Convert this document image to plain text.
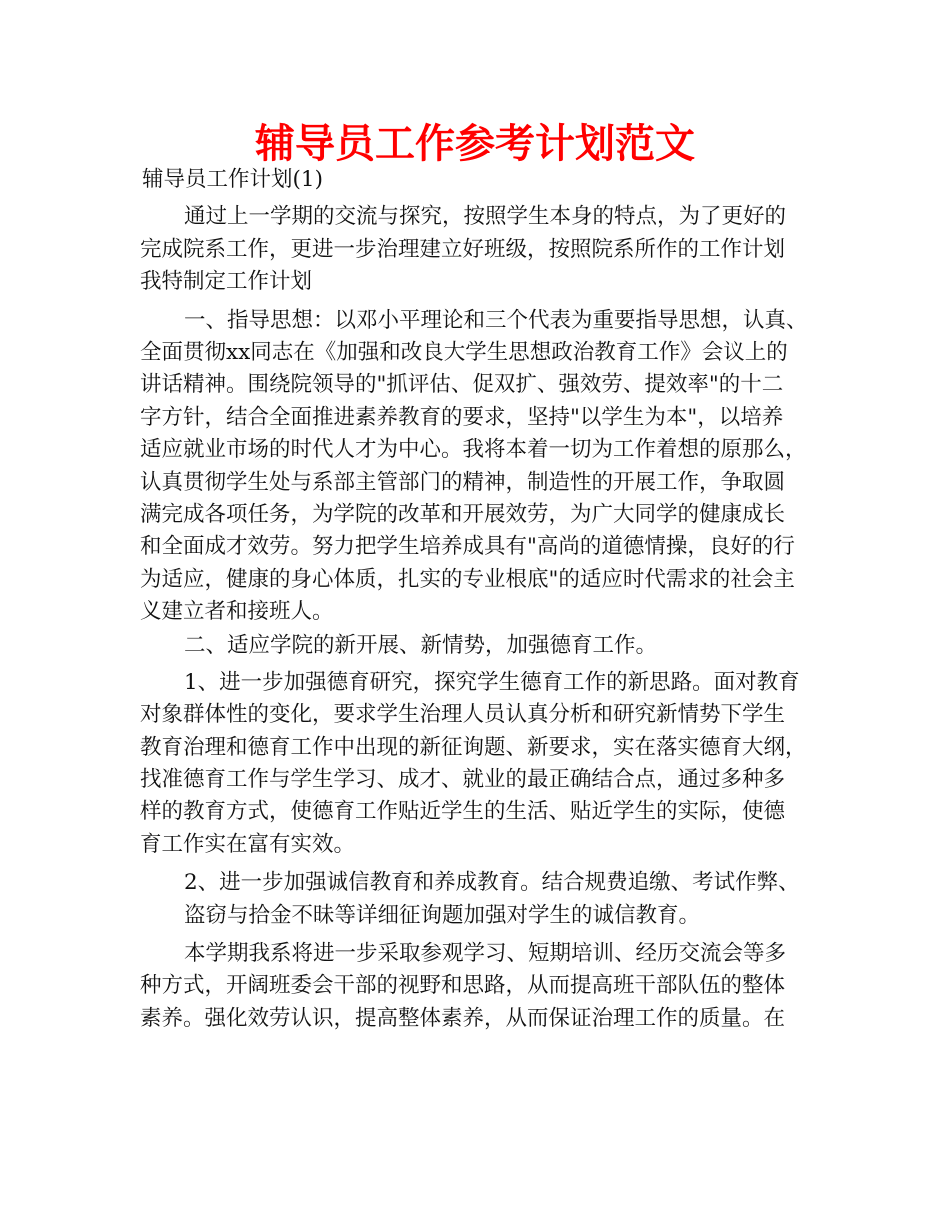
辅导员工作参考计划范文
辅导员工作计划(1)
通过上一学期的交流与探究，按照学生本身的特点，为了更好的
完成院系工作，更进一步治理建立好班级，按照院系所作的工作计划
我特制定工作计划
一、指导思想：以邓小平理论和三个代表为重要指导思想，认真、
全面贯彻xx同志在《加强和改良大学生思想政治教育工作》会议上的
讲话精神。围绕院领导的"抓评估、促双扩、强效劳、提效率"的十二
字方针，结合全面推进素养教育的要求，坚持"以学生为本"，以培养
适应就业市场的时代人才为中心。我将本着一切为工作着想的原那么，
认真贯彻学生处与系部主管部门的精神，制造性的开展工作，争取圆
满完成各项任务，为学院的改革和开展效劳，为广大同学的健康成长
和全面成才效劳。努力把学生培养成具有"高尚的道德情操，良好的行
为适应，健康的身心体质，扎实的专业根底"的适应时代需求的社会主
义建立者和接班人。
二、适应学院的新开展、新情势，加强德育工作。
1、进一步加强德育研究，探究学生德育工作的新思路。面对教育
对象群体性的变化，要求学生治理人员认真分析和研究新情势下学生
教育治理和德育工作中出现的新征询题、新要求，实在落实德育大纲，
找准德育工作与学生学习、成才、就业的最正确结合点，通过多种多
样的教育方式，使德育工作贴近学生的生活、贴近学生的实际，使德
育工作实在富有实效。
2、进一步加强诚信教育和养成教育。结合规费追缴、考试作弊、
盗窃与拾金不昧等详细征询题加强对学生的诚信教育。
本学期我系将进一步采取参观学习、短期培训、经历交流会等多
种方式，开阔班委会干部的视野和思路，从而提高班干部队伍的整体
素养。强化效劳认识，提高整体素养，从而保证治理工作的质量。在
